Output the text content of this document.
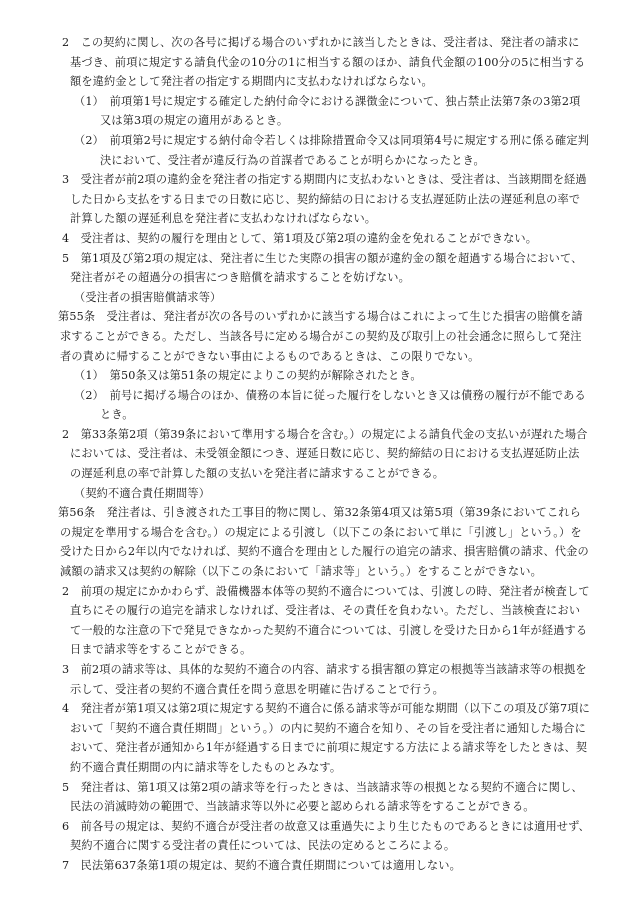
2　この契約に関し、次の各号に掲げる場合のいずれかに該当したときは、受注者は、発注者の請求に基づき、前項に規定する請負代金の10分の1に相当する額のほか、請負代金額の100分の5に相当する額を違約金として発注者の指定する期間内に支払わなければならない。

（1）　前項第1号に規定する確定した納付命令における課徴金について、独占禁止法第7条の3第2項又は第3項の規定の適用があるとき。

（2）　前項第2号に規定する納付命令若しくは排除措置命令又は同項第4号に規定する刑に係る確定判決において、受注者が違反行為の首謀者であることが明らかになったとき。

3　受注者が前2項の違約金を発注者の指定する期間内に支払わないときは、受注者は、当該期間を経過した日から支払をする日までの日数に応じ、契約締結の日における支払遅延防止法の遅延利息の率で計算した額の遅延利息を発注者に支払わなければならない。

4　受注者は、契約の履行を理由として、第1項及び第2項の違約金を免れることができない。

5　第1項及び第2項の規定は、発注者に生じた実際の損害の額が違約金の額を超過する場合において、発注者がその超過分の損害につき賠償を請求することを妨げない。

（受注者の損害賠償請求等）

第55条　受注者は、発注者が次の各号のいずれかに該当する場合はこれによって生じた損害の賠償を請求することができる。ただし、当該各号に定める場合がこの契約及び取引上の社会通念に照らして発注者の責めに帰することができない事由によるものであるときは、この限りでない。

（1）　第50条又は第51条の規定によりこの契約が解除されたとき。

（2）　前号に掲げる場合のほか、債務の本旨に従った履行をしないとき又は債務の履行が不能であるとき。

2　第33条第2項（第39条において準用する場合を含む。）の規定による請負代金の支払いが遅れた場合においては、受注者は、未受領金額につき、遅延日数に応じ、契約締結の日における支払遅延防止法の遅延利息の率で計算した額の支払いを発注者に請求することができる。

（契約不適合責任期間等）

第56条　発注者は、引き渡された工事目的物に関し、第32条第4項又は第5項（第39条においてこれらの規定を準用する場合を含む。）の規定による引渡し（以下この条において単に「引渡し」という。）を受けた日から2年以内でなければ、契約不適合を理由とした履行の追完の請求、損害賠償の請求、代金の減額の請求又は契約の解除（以下この条において「請求等」という。）をすることができない。

2　前項の規定にかかわらず、設備機器本体等の契約不適合については、引渡しの時、発注者が検査して直ちにその履行の追完を請求しなければ、受注者は、その責任を負わない。ただし、当該検査において一般的な注意の下で発見できなかった契約不適合については、引渡しを受けた日から1年が経過する日まで請求等をすることができる。

3　前2項の請求等は、具体的な契約不適合の内容、請求する損害額の算定の根拠等当該請求等の根拠を示して、受注者の契約不適合責任を問う意思を明確に告げることで行う。

4　発注者が第1項又は第2項に規定する契約不適合に係る請求等が可能な期間（以下この項及び第7項において「契約不適合責任期間」という。）の内に契約不適合を知り、その旨を受注者に通知した場合において、発注者が通知から1年が経過する日までに前項に規定する方法による請求等をしたときは、契約不適合責任期間の内に請求等をしたものとみなす。

5　発注者は、第1項又は第2項の請求等を行ったときは、当該請求等の根拠となる契約不適合に関し、民法の消滅時効の範囲で、当該請求等以外に必要と認められる請求等をすることができる。

6　前各号の規定は、契約不適合が受注者の故意又は重過失により生じたものであるときには適用せず、契約不適合に関する受注者の責任については、民法の定めるところによる。

7　民法第637条第1項の規定は、契約不適合責任期間については適用しない。
